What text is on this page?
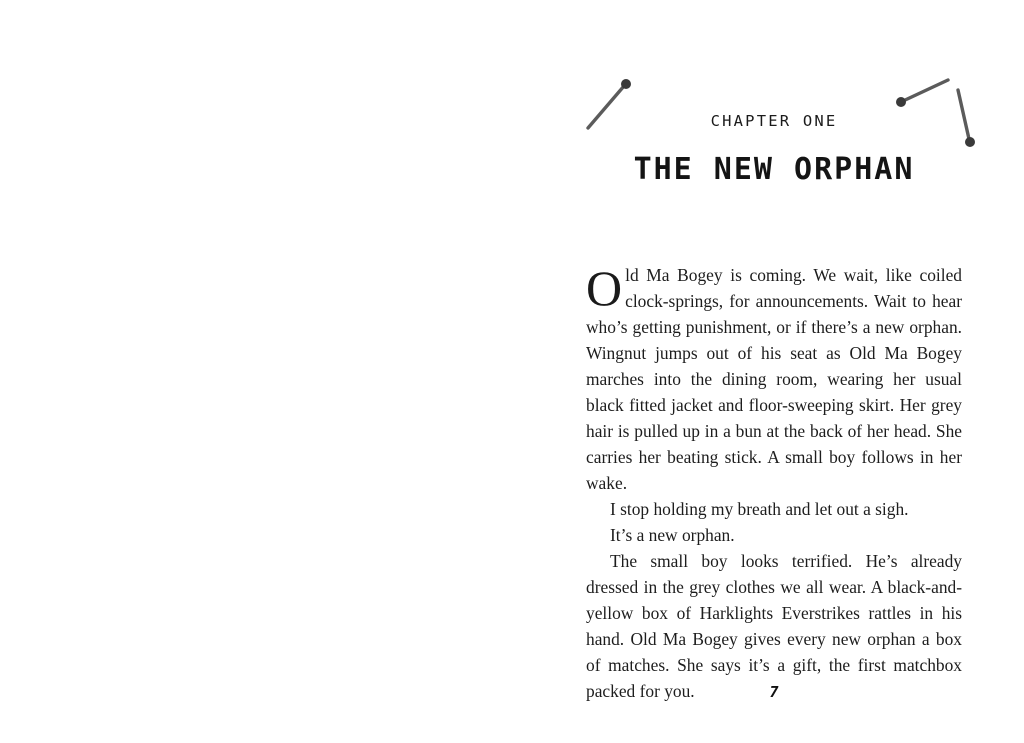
CHAPTER ONE
THE NEW ORPHAN

Old Ma Bogey is coming. We wait, like coiled clock-springs, for announcements. Wait to hear who’s getting punishment, or if there’s a new orphan. Wingnut jumps out of his seat as Old Ma Bogey marches into the dining room, wearing her usual black fitted jacket and floor-sweeping skirt. Her grey hair is pulled up in a bun at the back of her head. She carries her beating stick. A small boy follows in her wake.

I stop holding my breath and let out a sigh.

It’s a new orphan.

The small boy looks terrified. He’s already dressed in the grey clothes we all wear. A black-and-yellow box of Harklights Everstrikes rattles in his hand. Old Ma Bogey gives every new orphan a box of matches. She says it’s a gift, the first matchbox packed for you.	7
